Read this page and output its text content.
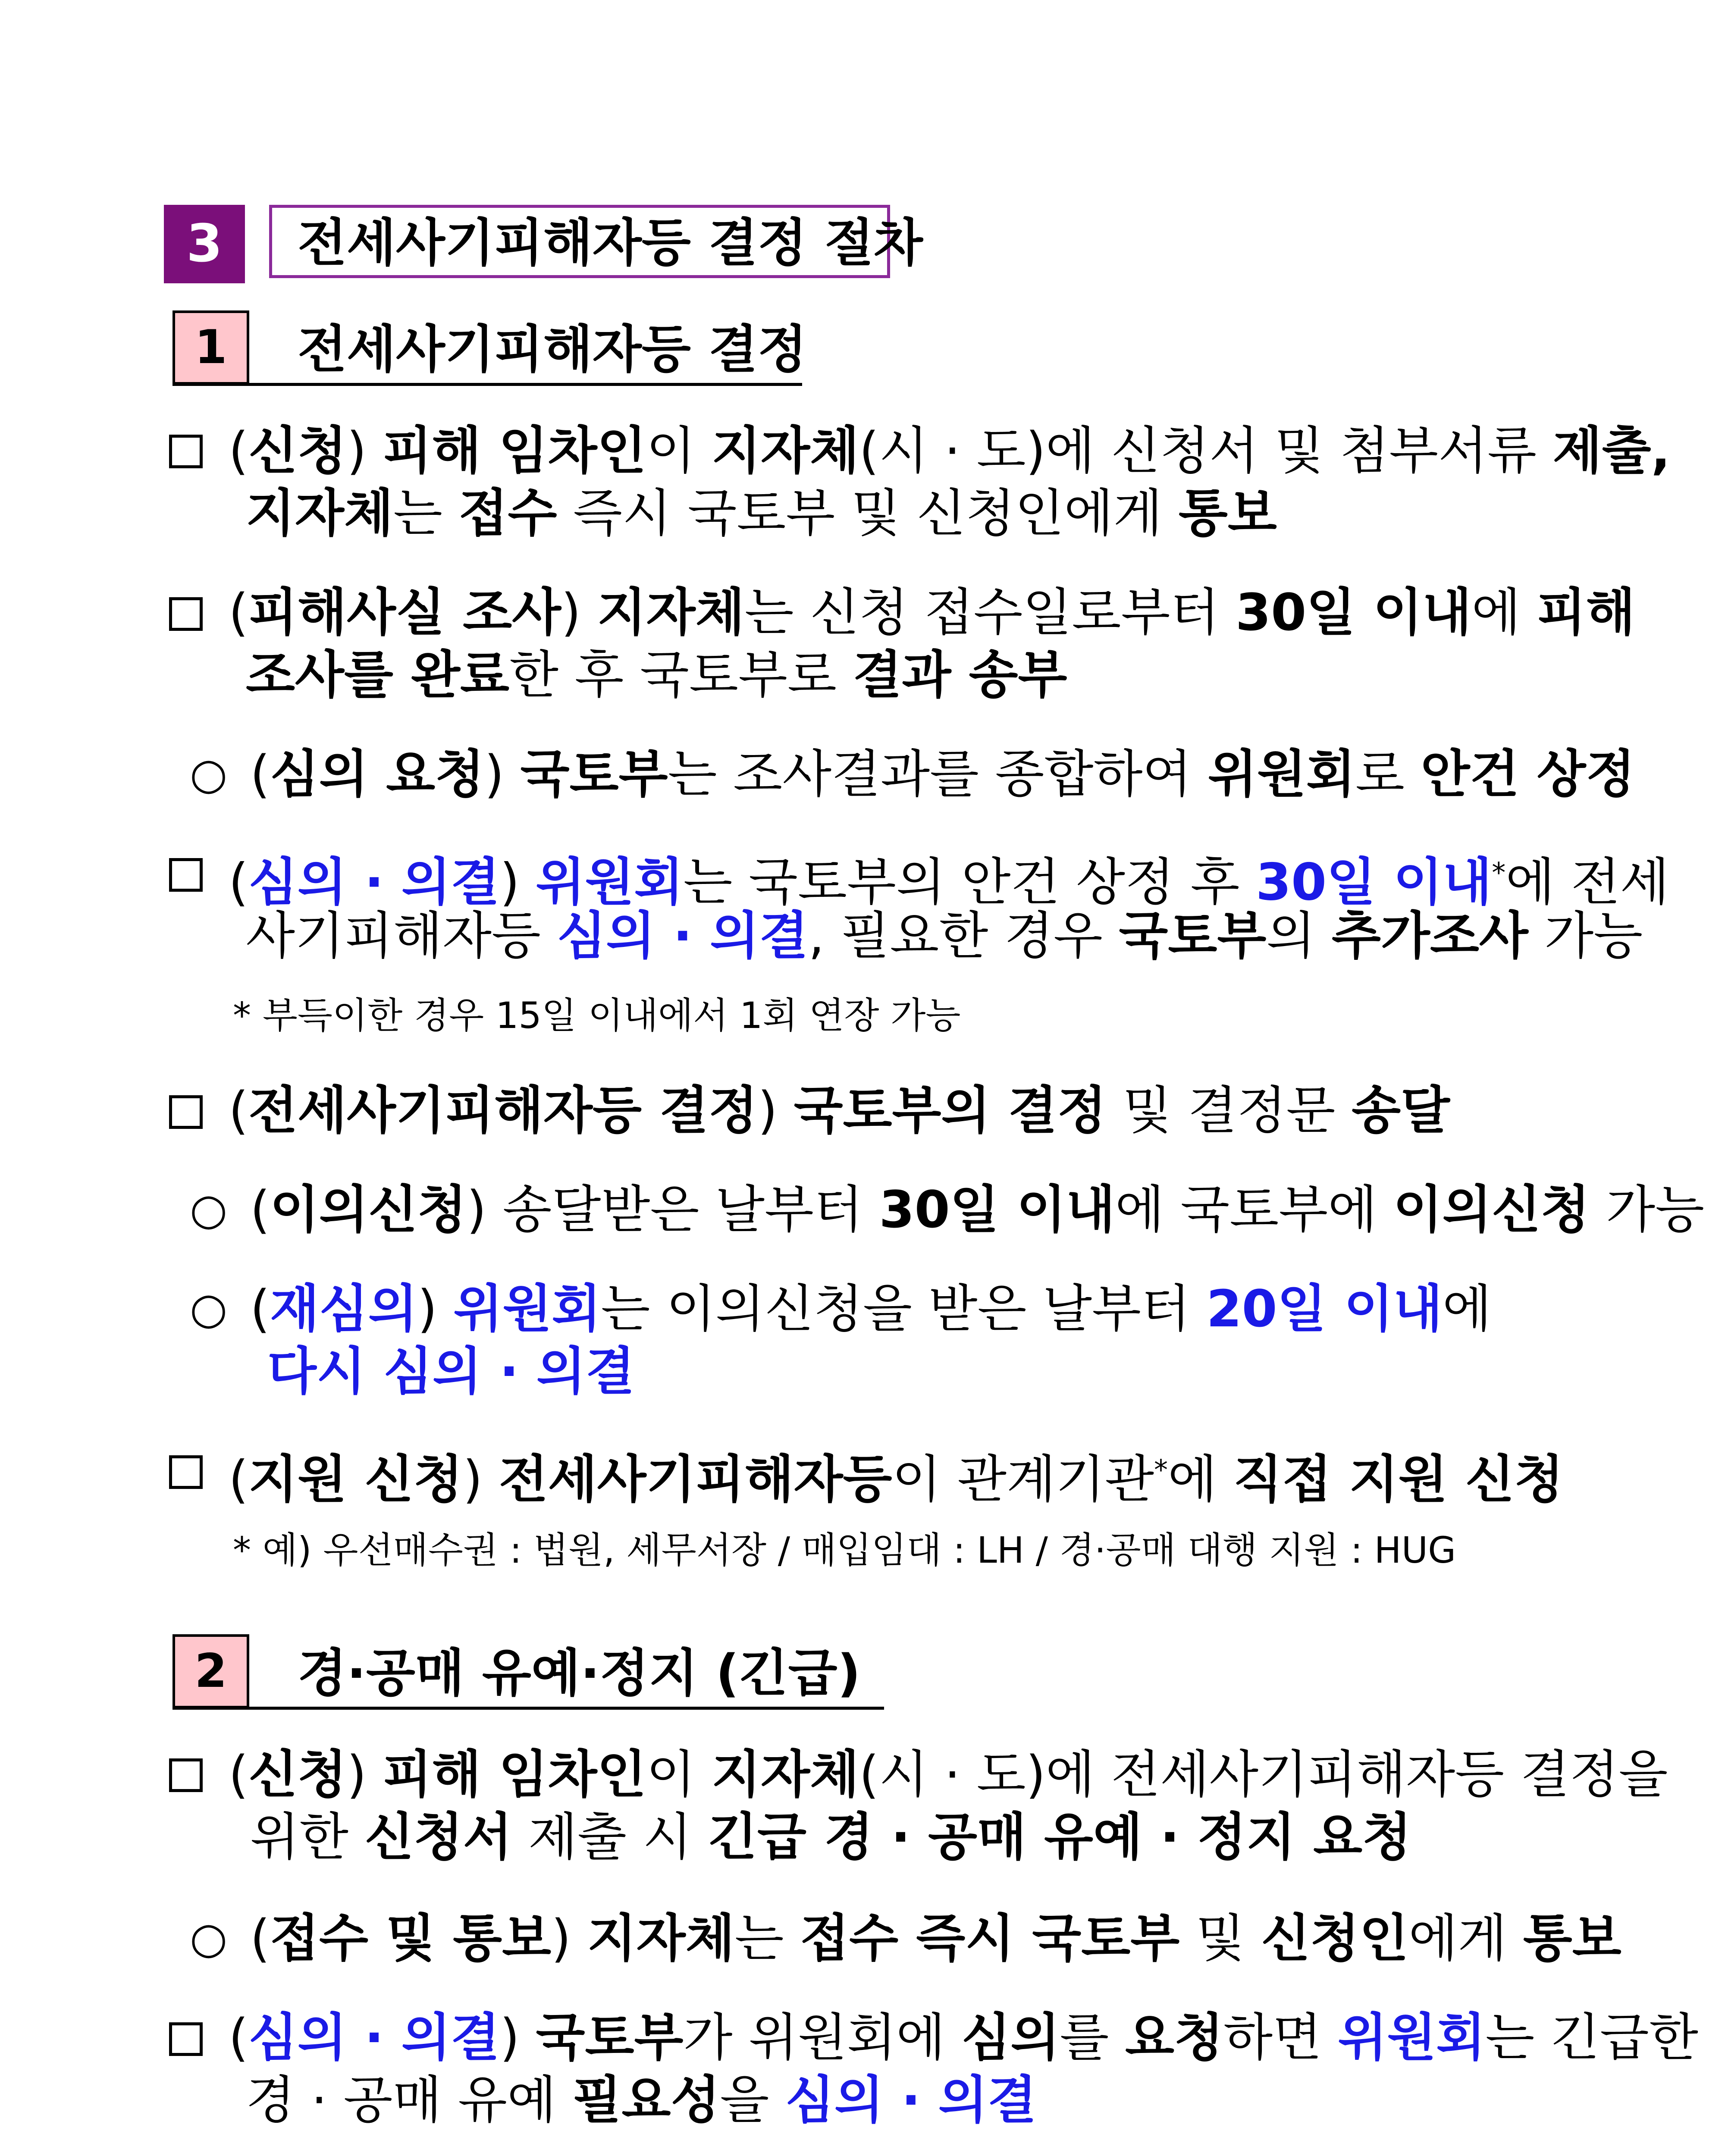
3	전세사기피해자등 결정 절차
1	전세사기피해자등 결정
(신청) 피해 임차인이 지자체(시 · 도)에 신청서 및 첨부서류 제출,
지자체는 접수 즉시 국토부 및 신청인에게 통보
(피해사실 조사) 지자체는 신청 접수일로부터 30일 이내에 피해
조사를 완료한 후 국토부로 결과 송부
○ (심의 요청) 국토부는 조사결과를 종합하여 위원회로 안건 상정
(심의 · 의결) 위원회는 국토부의 안건 상정 후 30일 이내*에 전세
사기피해자등 심의 · 의결, 필요한 경우 국토부의 추가조사 가능
* 부득이한 경우 15일 이내에서 1회 연장 가능
(전세사기피해자등 결정) 국토부의 결정 및 결정문 송달
○ (이의신청) 송달받은 날부터 30일 이내에 국토부에 이의신청 가능
○ (재심의) 위원회는 이의신청을 받은 날부터 20일 이내에
다시 심의 · 의결
(지원 신청) 전세사기피해자등이 관계기관*에 직접 지원 신청
* 예) 우선매수권 : 법원, 세무서장 / 매입임대 : LH / 경·공매 대행 지원 : HUG
2	경·공매 유예·정지 (긴급)
(신청) 피해 임차인이 지자체(시 · 도)에 전세사기피해자등 결정을
위한 신청서 제출 시 긴급 경 · 공매 유예 · 정지 요청
○ (접수 및 통보) 지자체는 접수 즉시 국토부 및 신청인에게 통보
(심의 · 의결) 국토부가 위원회에 심의를 요청하면 위원회는 긴급한
경 · 공매 유예 필요성을 심의 · 의결
